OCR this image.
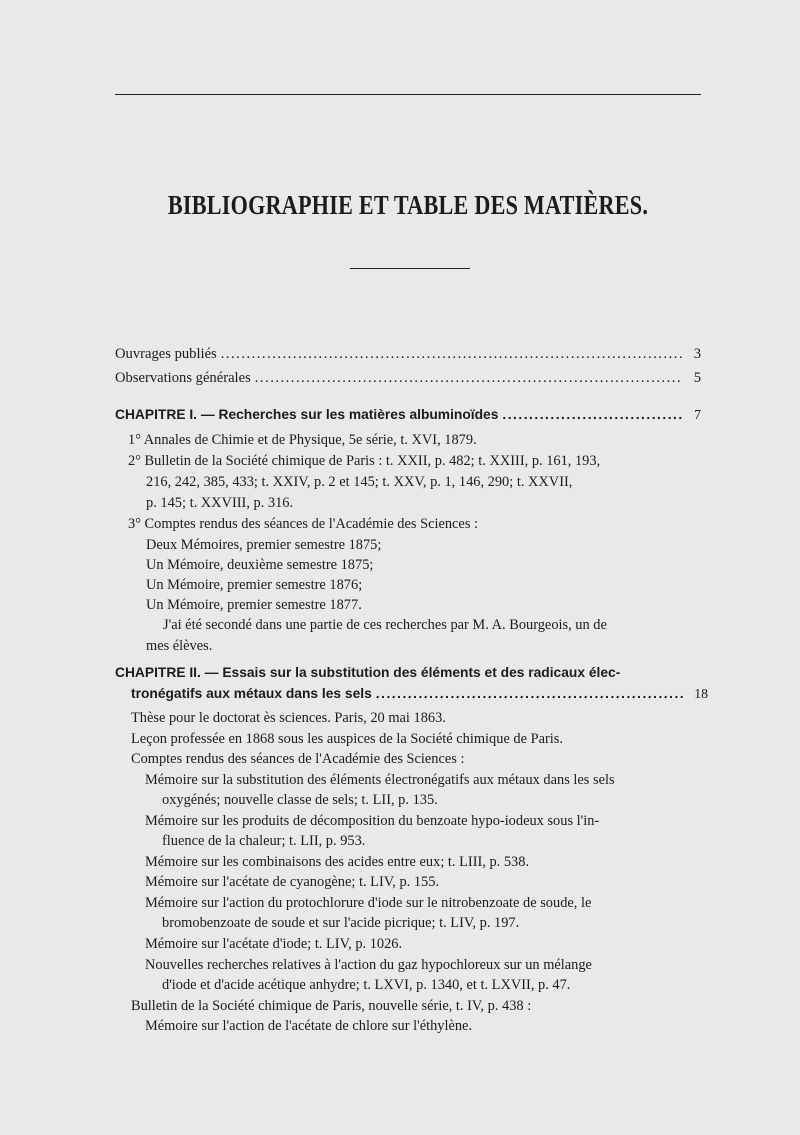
BIBLIOGRAPHIE ET TABLE DES MATIÈRES.
Ouvrages publiés .....	3
Observations générales .....	5
CHAPITRE I. — Recherches sur les matières albuminoïdes .....	7
1° Annales de Chimie et de Physique, 5e série, t. XVI, 1879.
2° Bulletin de la Société chimique de Paris : t. XXII, p. 482; t. XXIII, p. 161, 193,
216, 242, 385, 433; t. XXIV, p. 2 et 145; t. XXV, p. 1, 146, 290; t. XXVII,
p. 145; t. XXVIII, p. 316.
3° Comptes rendus des séances de l'Académie des Sciences :
Deux Mémoires, premier semestre 1875;
Un Mémoire, deuxième semestre 1875;
Un Mémoire, premier semestre 1876;
Un Mémoire, premier semestre 1877.
J'ai été secondé dans une partie de ces recherches par M. A. Bourgeois, un de
mes élèves.
CHAPITRE II. — Essais sur la substitution des éléments et des radicaux élec-
tronégatifs aux métaux dans les sels .....	18
Thèse pour le doctorat ès sciences. Paris, 20 mai 1863.
Leçon professée en 1868 sous les auspices de la Société chimique de Paris.
Comptes rendus des séances de l'Académie des Sciences :
Mémoire sur la substitution des éléments électronégatifs aux métaux dans les sels
oxygénés; nouvelle classe de sels; t. LII, p. 135.
Mémoire sur les produits de décomposition du benzoate hypo-iodeux sous l'in-
fluence de la chaleur; t. LII, p. 953.
Mémoire sur les combinaisons des acides entre eux; t. LIII, p. 538.
Mémoire sur l'acétate de cyanogène; t. LIV, p. 155.
Mémoire sur l'action du protochlorure d'iode sur le nitrobenzoate de soude, le
bromobenzoate de soude et sur l'acide picrique; t. LIV, p. 197.
Mémoire sur l'acétate d'iode; t. LIV, p. 1026.
Nouvelles recherches relatives à l'action du gaz hypochloreux sur un mélange
d'iode et d'acide acétique anhydre; t. LXVI, p. 1340, et t. LXVII, p. 47.
Bulletin de la Société chimique de Paris, nouvelle série, t. IV, p. 438 :
Mémoire sur l'action de l'acétate de chlore sur l'éthylène.
